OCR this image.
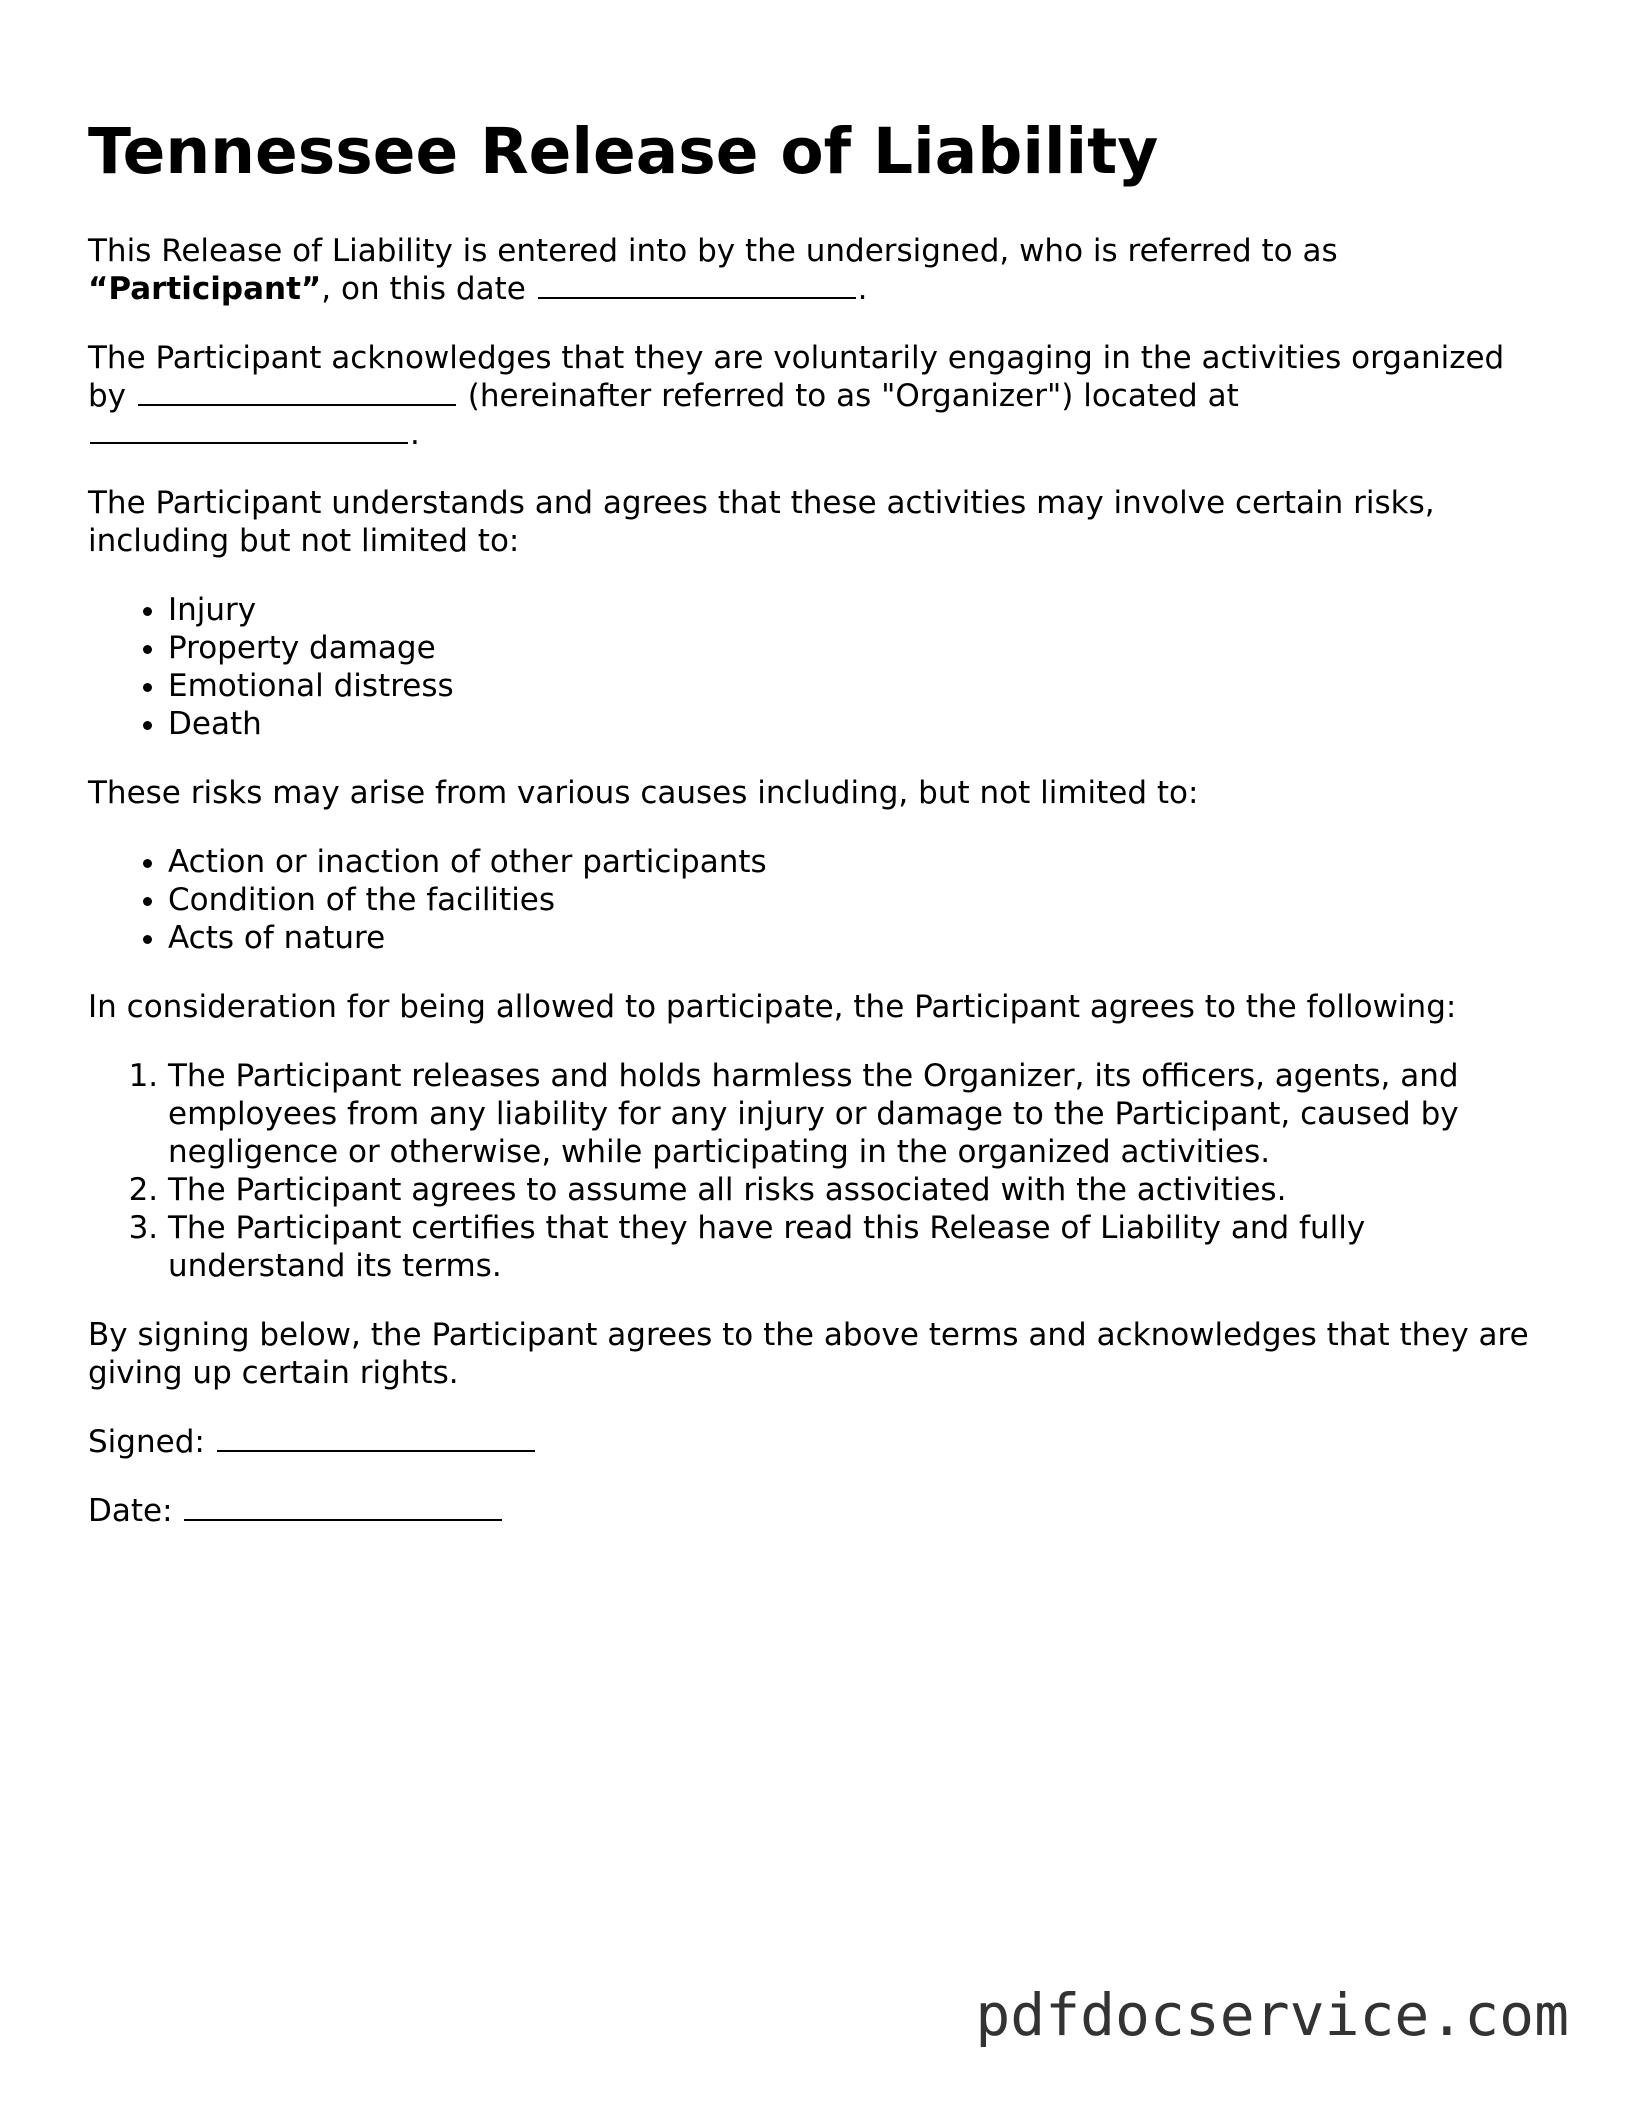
Tennessee Release of Liability

This Release of Liability is entered into by the undersigned, who is referred to as
“Participant”, on this date	.

The Participant acknowledges that they are voluntarily engaging in the activities organized by	(hereinafter referred to as "Organizer") located at .

The Participant understands and agrees that these activities may involve certain risks, including but not limited to:

• Injury
• Property damage
• Emotional distress
• Death

These risks may arise from various causes including, but not limited to:

• Action or inaction of other participants
• Condition of the facilities
• Acts of nature

In consideration for being allowed to participate, the Participant agrees to the following:

1. The Participant releases and holds harmless the Organizer, its officers, agents, and employees from any liability for any injury or damage to the Participant, caused by negligence or otherwise, while participating in the organized activities.
2. The Participant agrees to assume all risks associated with the activities.
3. The Participant certifies that they have read this Release of Liability and fully understand its terms.

By signing below, the Participant agrees to the above terms and acknowledges that they are giving up certain rights.

Signed:

Date:

pdfdocservice.com
